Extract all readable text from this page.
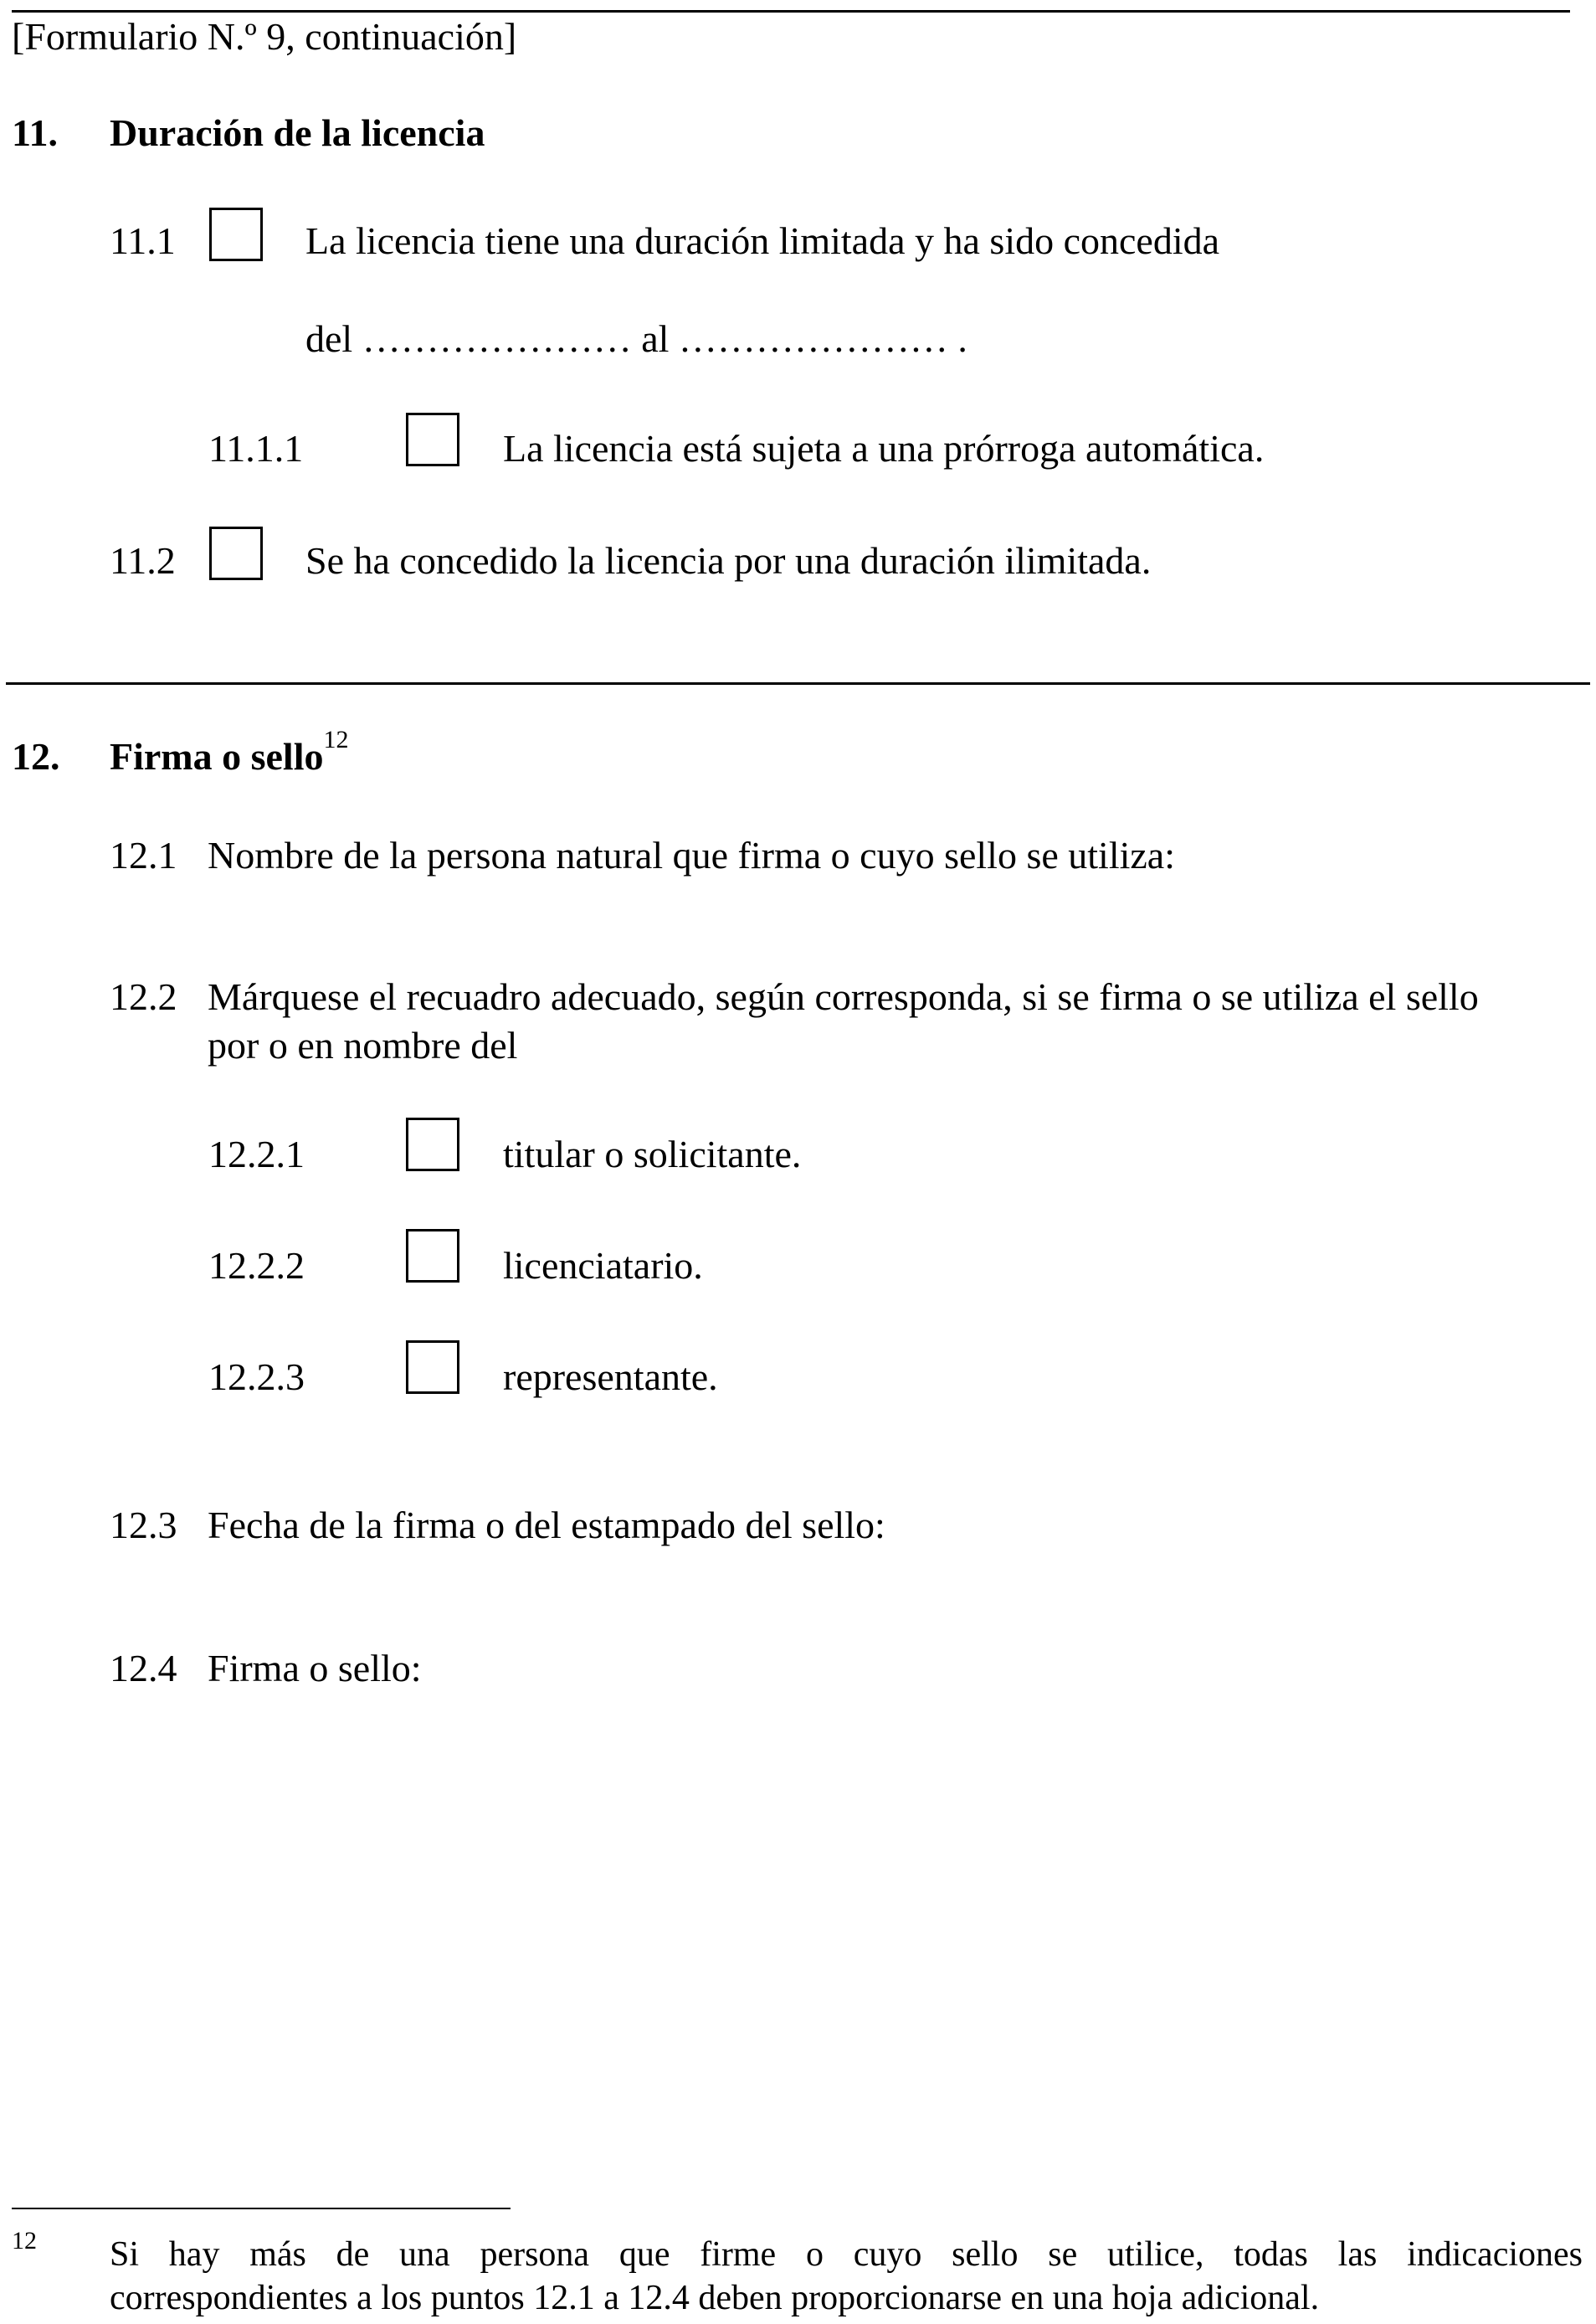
[Formulario N.º 9, continuación]
11. Duración de la licencia
11.1	La licencia tiene una duración limitada y ha sido concedida
del ………………… al ………………… .
11.1.1	La licencia está sujeta a una prórroga automática.
11.2	Se ha concedido la licencia por una duración ilimitada.
12. Firma o sello$^{12}$
12.1 Nombre de la persona natural que firma o cuyo sello se utiliza:
12.2 Márquese el recuadro adecuado, según corresponda, si se firma o se utiliza el sello
por o en nombre del
12.2.1	titular o solicitante.
12.2.2	licenciatario.
12.2.3	representante.
12.3 Fecha de la firma o del estampado del sello:
12.4 Firma o sello:
12 Si hay más de una persona que firme o cuyo sello se utilice, todas las indicaciones
correspondientes a los puntos 12.1 a 12.4 deben proporcionarse en una hoja adicional.
